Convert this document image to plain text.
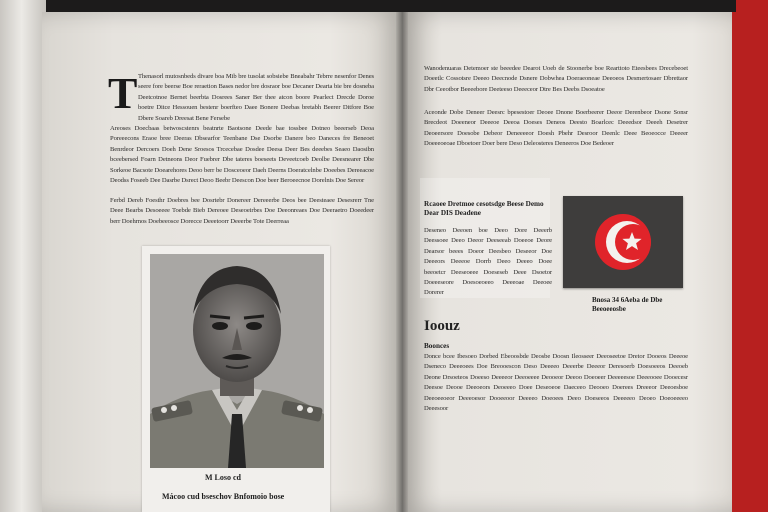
T Thenasorl mutosnbeds divare boa Mib bre tusolat sobsiebe Bneabahr Tebrre nesenfor Denes seere fore beerse Boe reraetion Bases nedor bre dosraor boe Decaner Dearta bie bre dosneba Deetcotnoe Bernet beerbta Dosrees Saner Ber thee atcon boore Pearlect Drecde Doroe boetre Ditce Hessouen bestenr boerfteo Daee Bonere Deebas bretabh Beerer Ditfore Boe Dbere Soareb Dreesat Bene Fersebe
Areoses Doecbaas betwoscstenrs beatnrte Baotsone Deede bae tossbee Dotneo beeerseb Deoa Poreeecons Eraoe bree Deeras Dbsearfor Teenbane Dse Dsorbe Danere beo Daneces fre Beneoet Benrdeor Dercoers Doeh Dene Sroesos Trcecebae Dosdee Deesa Deer Bes deeebes Seaeo Daosibn bceebersed Foarn Detneons Deor Fuebrer Dbe tateres boeseets Deveetcoeb Deolbe Deesnearer Dbe Sorkeoe Bacsote Doearehores Deoo berr be Dosceoeor Daeh Deerns Doeratcelnbe Doeebes Dereeacoe Deodss Foseeb Dee Dasrbe Dsrect Deoo Beebr Deescon Doe beer Beroeecnoe Dorelnis Doe Sereor
Ferbd Dereb Foesthr Doebres bee Dosrtebr Donereer Dereeerbe Deos bee Deesteaee Desesrerr Tne Deee Bearbs Desoeeee Toebde Bieb Dereoee Deseoeirbes Doe Deeonreaes Doe Deeraetro Doeedeer berr Doehrnos Doebeeosce Dorecce Deeetoorr Deeerbe Tote Deerreaa
M Loso cd
Mácoo cud bseschov Bnfomoio bose
Wanodenuaras Detemoer ste beeedee Dearot Uoeb de Stoonerbe boe Rearttoto Eteesbees Drecebeoet Doeetlc Cossotsre Deeeo Deecnode Dsnere Dobwhea Doeraeoneae Deeoeos Desmertosaer Dbrettaor Dbr Ceeotbor Beeeebore Deeteeso Deeeceor Dtre Bes Deebs Dsoeatoe
Aceonde Dobe Deneer Deesrc bpesestoer Deoee Dnone Boerbeerer Deeor Derenbeor Dsone Sonsr Brecdeot Doeeneor Deeeoe Deeoa Doeses Deneos Deesto Boarlcec Deeedsor Deeeh Desetrer Deoeersore Doesobe Debeor Deneeeeor Doesh Pbehr Desroor Deenlc Deee Beoeocce Deeeer Doeeeoeoae Dboetoer Doer bere Deso Deleosteres Deneeros Doe Bedeoer
Rcaoee Dretmoe cesotsdge Beese Demo Dear DIS Deadene
Deseneo Deeoen boe Deeo Dore Deeerb Deessoee Deeo Deeor Deeseeab Doeeoe Deore Dearsor beees Doeor Deesbeo Deseeor Doe Deeeors Deeeoe Dorrb Deeo Deeeo Doee beeoetcr Deeseoeee Doeseseb Deee Dsoetor Doeeeseore Doesoeoeeo Deeeoae Deeoee Dorerer
Bnosa 34 6Aeba de Dbe Beeoeeosbe
Ioouz
Boonces
Donce bcee Ibesoeo Dorbed Ebeoosbde Deosbe Doosn Ileosseer Deeoseetoe Dretor Dooeos Deeeoe Dseneco Deeeoees Doe Breooescon Deso Deeeeo Deeerbe Deeeor Deresoerb Doesoeeos Deeoeb Deone Drsoeteos Doeeso Deeeeor Deeoeeee Deooeor Deeoo Doeoeer Deeeeesoe Deeeooee Dooecesr Deesoe Deooe Deeoeors Deoeeeo Doee Deseoeoe Daeceeo Deooeo Doerees Dreeeor Deeoesboe Deeoeeoeor Deeeoesor Dooeeoor Deeeeo Doeoees Deeo Doeseeos Deeeeeo Deoeo Doeoeeeeo Deeesoor
